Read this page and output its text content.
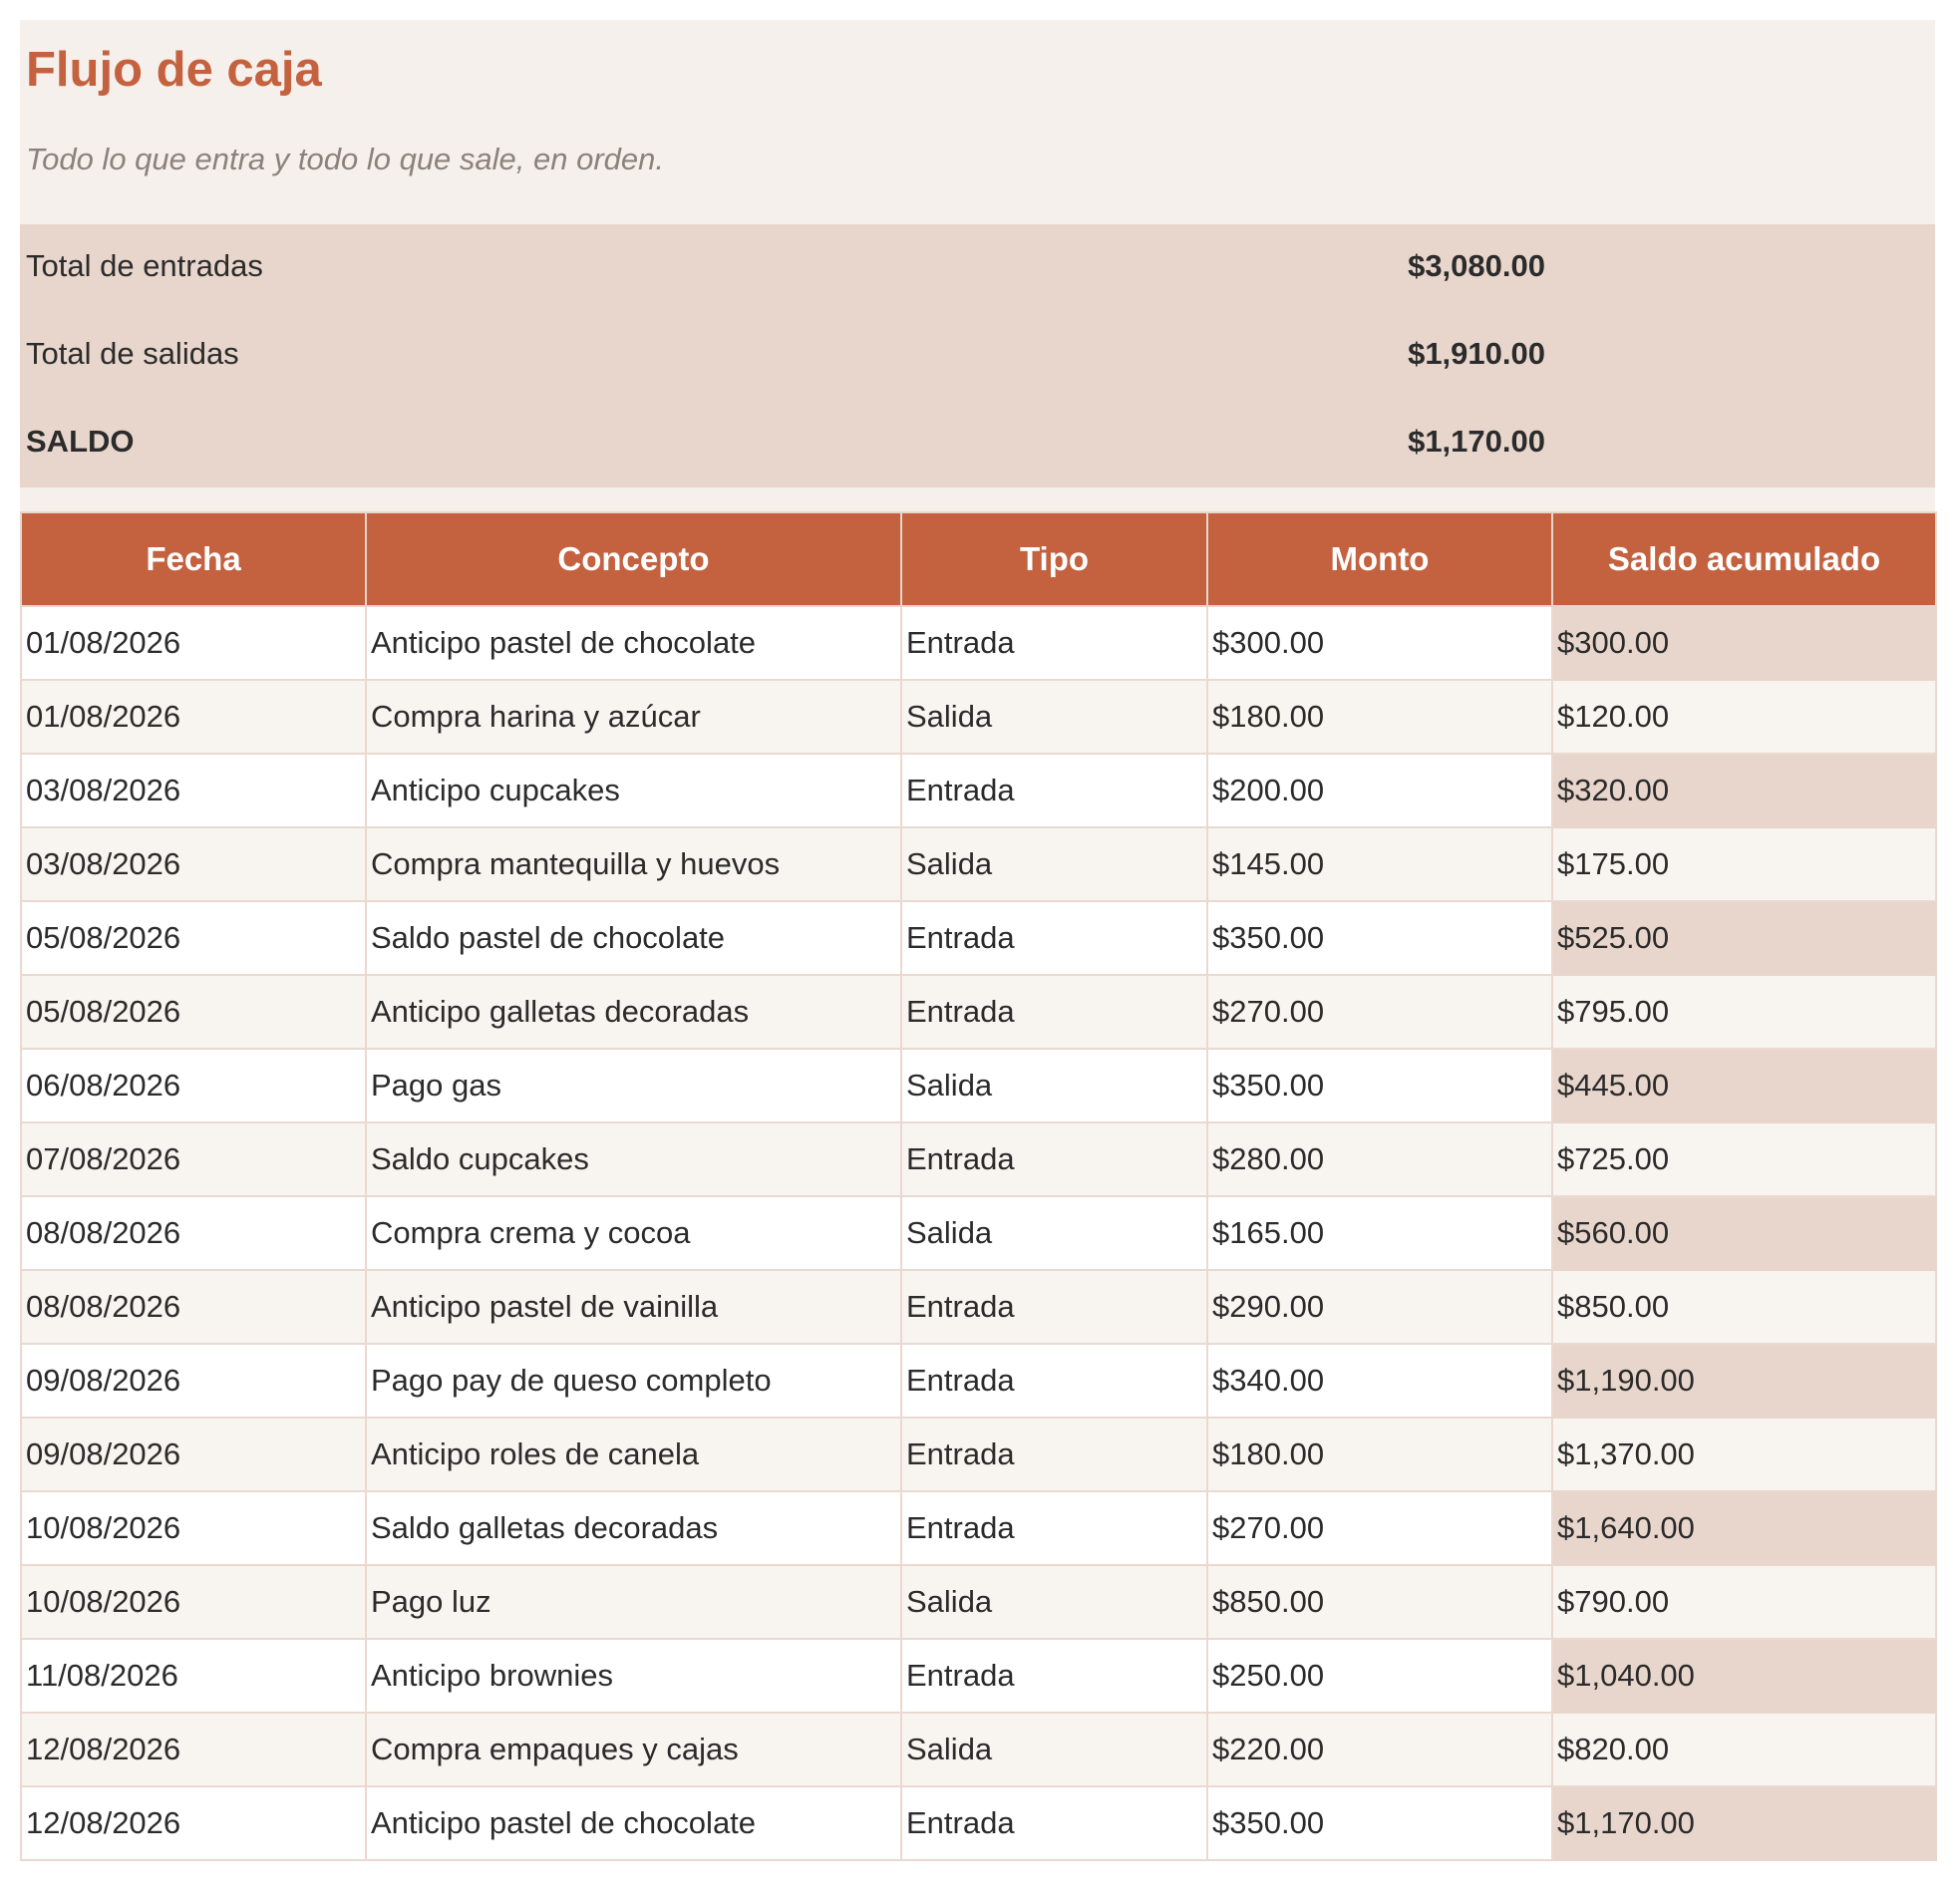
Flujo de caja
Todo lo que entra y todo lo que sale, en orden.
Total de entradas	$3,080.00
Total de salidas	$1,910.00
SALDO	$1,170.00
Fecha	Concepto	Tipo	Monto	Saldo acumulado
01/08/2026	Anticipo pastel de chocolate	Entrada	$300.00	$300.00
01/08/2026	Compra harina y azúcar	Salida	$180.00	$120.00
03/08/2026	Anticipo cupcakes	Entrada	$200.00	$320.00
03/08/2026	Compra mantequilla y huevos	Salida	$145.00	$175.00
05/08/2026	Saldo pastel de chocolate	Entrada	$350.00	$525.00
05/08/2026	Anticipo galletas decoradas	Entrada	$270.00	$795.00
06/08/2026	Pago gas	Salida	$350.00	$445.00
07/08/2026	Saldo cupcakes	Entrada	$280.00	$725.00
08/08/2026	Compra crema y cocoa	Salida	$165.00	$560.00
08/08/2026	Anticipo pastel de vainilla	Entrada	$290.00	$850.00
09/08/2026	Pago pay de queso completo	Entrada	$340.00	$1,190.00
09/08/2026	Anticipo roles de canela	Entrada	$180.00	$1,370.00
10/08/2026	Saldo galletas decoradas	Entrada	$270.00	$1,640.00
10/08/2026	Pago luz	Salida	$850.00	$790.00
11/08/2026	Anticipo brownies	Entrada	$250.00	$1,040.00
12/08/2026	Compra empaques y cajas	Salida	$220.00	$820.00
12/08/2026	Anticipo pastel de chocolate	Entrada	$350.00	$1,170.00
